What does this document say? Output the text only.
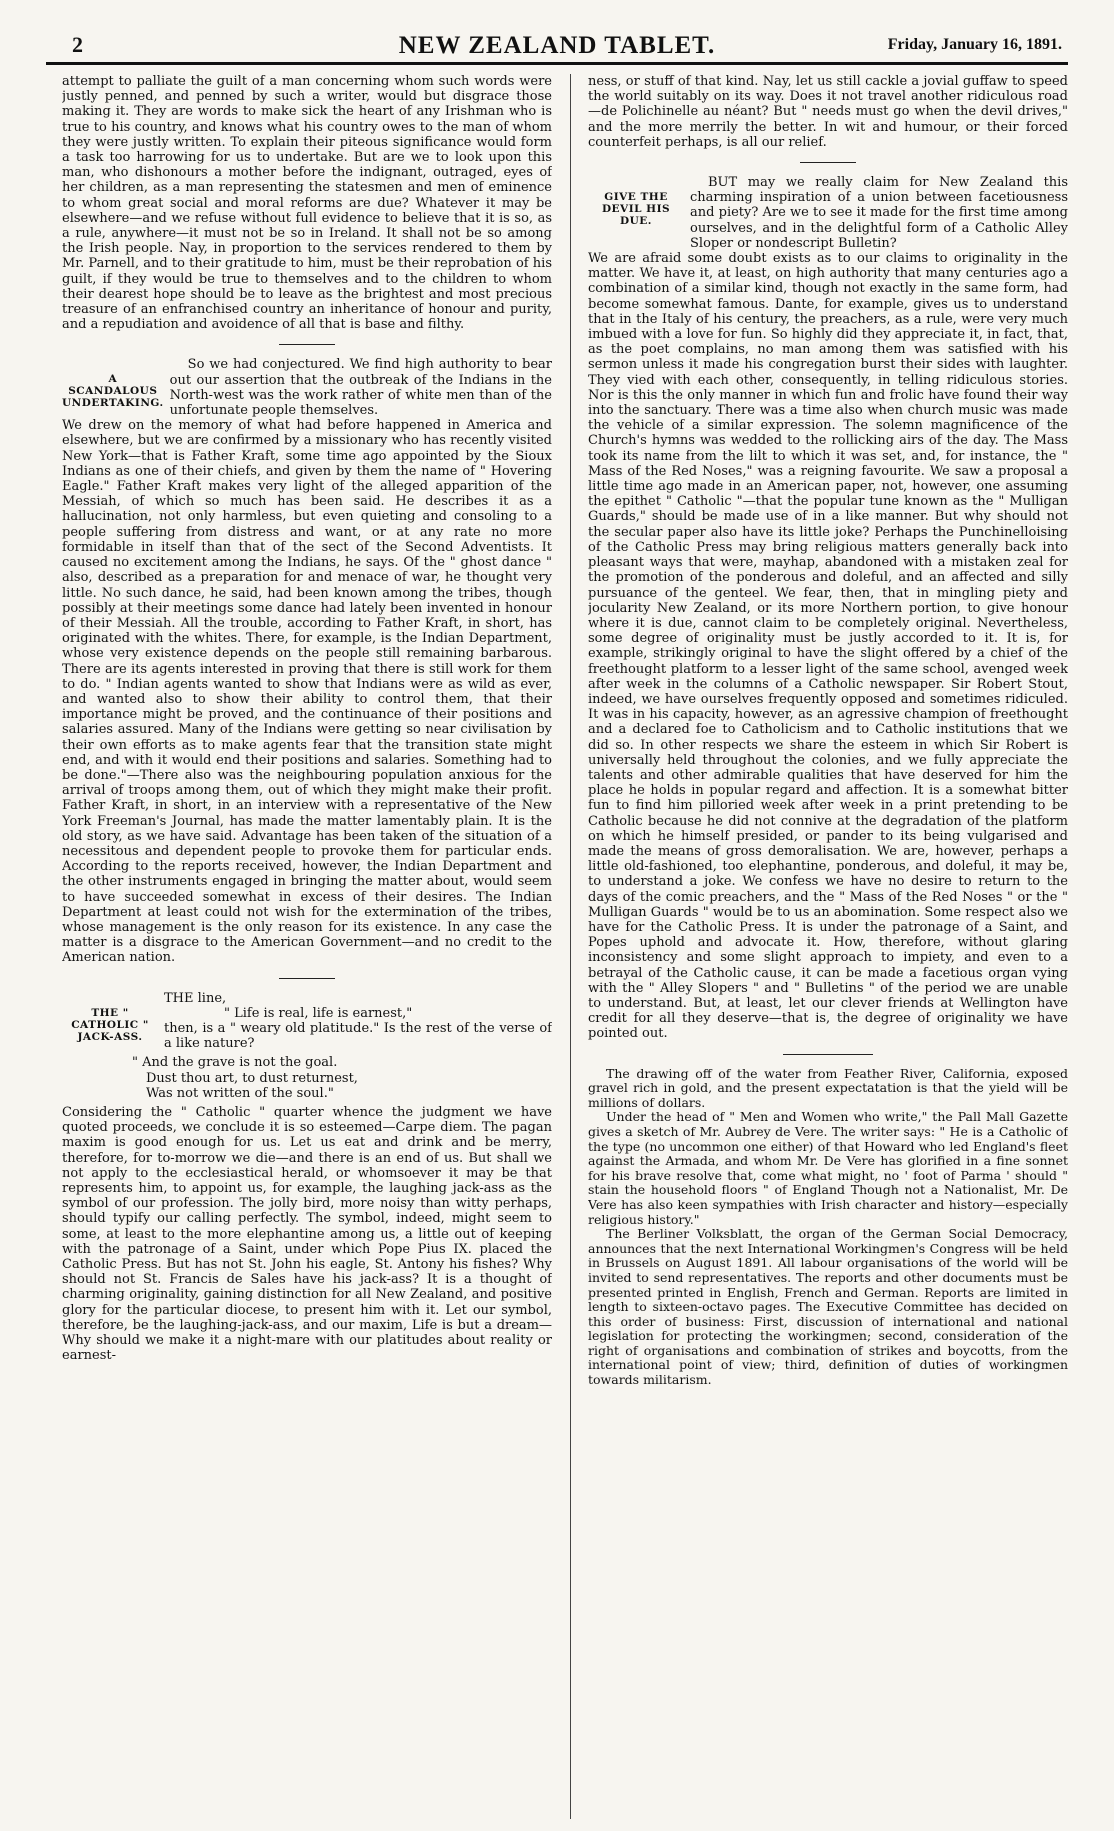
2	NEW ZEALAND TABLET.	Friday, January 16, 1891.

attempt to palliate the guilt of a man concerning whom such words were justly penned, and penned by such a writer, would but disgrace those making it. They are words to make sick the heart of any Irishman who is true to his country, and knows what his country owes to the man of whom they were justly written. To explain their piteous significance would form a task too harrowing for us to undertake. But are we to look upon this man, who dishonours a mother before the indignant, outraged, eyes of her children, as a man representing the statesmen and men of eminence to whom great social and moral reforms are due? Whatever it may be elsewhere—and we refuse without full evidence to believe that it is so, as a rule, anywhere—it must not be so in Ireland. It shall not be so among the Irish people. Nay, in proportion to the services rendered to them by Mr. Parnell, and to their gratitude to him, must be their reprobation of his guilt, if they would be true to themselves and to the children to whom their dearest hope should be to leave as the brightest and most precious treasure of an enfranchised country an inheritance of honour and purity, and a repudiation and avoidence of all that is base and filthy.

A SCANDALOUS UNDERTAKING.

So we had conjectured. We find high authority to bear out our assertion that the outbreak of the Indians in the North-west was the work rather of white men than of the unfortunate people themselves.

We drew on the memory of what had before happened in America and elsewhere, but we are confirmed by a missionary who has recently visited New York—that is Father Kraft, some time ago appointed by the Sioux Indians as one of their chiefs, and given by them the name of " Hovering Eagle." Father Kraft makes very light of the alleged apparition of the Messiah, of which so much has been said. He describes it as a hallucination, not only harmless, but even quieting and consoling to a people suffering from distress and want, or at any rate no more formidable in itself than that of the sect of the Second Adventists. It caused no excitement among the Indians, he says. Of the " ghost dance " also, described as a preparation for and menace of war, he thought very little. No such dance, he said, had been known among the tribes, though possibly at their meetings some dance had lately been invented in honour of their Messiah. All the trouble, according to Father Kraft, in short, has originated with the whites. There, for example, is the Indian Department, whose very existence depends on the people still remaining barbarous. There are its agents interested in proving that there is still work for them to do. " Indian agents wanted to show that Indians were as wild as ever, and wanted also to show their ability to control them, that their importance might be proved, and the continuance of their positions and salaries assured. Many of the Indians were getting so near civilisation by their own efforts as to make agents fear that the transition state might end, and with it would end their positions and salaries. Something had to be done."—There also was the neighbouring population anxious for the arrival of troops among them, out of which they might make their profit. Father Kraft, in short, in an interview with a representative of the New York Freeman's Journal, has made the matter lamentably plain. It is the old story, as we have said. Advantage has been taken of the situation of a necessitous and dependent people to provoke them for particular ends. According to the reports received, however, the Indian Department and the other instruments engaged in bringing the matter about, would seem to have succeeded somewhat in excess of their desires. The Indian Department at least could not wish for the extermination of the tribes, whose management is the only reason for its existence. In any case the matter is a disgrace to the American Government—and no credit to the American nation.

THE " CATHOLIC " JACK-ASS.

THE line,

" Life is real, life is earnest,"

then, is a " weary old platitude." Is the rest of the verse of a like nature?

" And the grave is not the goal.
Dust thou art, to dust returnest,
Was not written of the soul."

Considering the " Catholic " quarter whence the judgment we have quoted proceeds, we conclude it is so esteemed—Carpe diem. The pagan maxim is good enough for us. Let us eat and drink and be merry, therefore, for to-morrow we die—and there is an end of us. But shall we not apply to the ecclesiastical herald, or whomsoever it may be that represents him, to appoint us, for example, the laughing jack-ass as the symbol of our profession. The jolly bird, more noisy than witty perhaps, should typify our calling perfectly. The symbol, indeed, might seem to some, at least to the more elephantine among us, a little out of keeping with the patronage of a Saint, under which Pope Pius IX. placed the Catholic Press. But has not St. John his eagle, St. Antony his fishes? Why should not St. Francis de Sales have his jack-ass? It is a thought of charming originality, gaining distinction for all New Zealand, and positive glory for the particular diocese, to present him with it. Let our symbol, therefore, be the laughing-jack-ass, and our maxim, Life is but a dream—Why should we make it a night-mare with our platitudes about reality or earnest-

ness, or stuff of that kind. Nay, let us still cackle a jovial guffaw to speed the world suitably on its way. Does it not travel another ridiculous road—de Polichinelle au néant? But " needs must go when the devil drives," and the more merrily the better. In wit and humour, or their forced counterfeit perhaps, is all our relief.

GIVE THE DEVIL HIS DUE.

BUT may we really claim for New Zealand this charming inspiration of a union between facetiousness and piety? Are we to see it made for the first time among ourselves, and in the delightful form of a Catholic Alley Sloper or nondescript Bulletin?

We are afraid some doubt exists as to our claims to originality in the matter. We have it, at least, on high authority that many centuries ago a combination of a similar kind, though not exactly in the same form, had become somewhat famous. Dante, for example, gives us to understand that in the Italy of his century, the preachers, as a rule, were very much imbued with a love for fun. So highly did they appreciate it, in fact, that, as the poet complains, no man among them was satisfied with his sermon unless it made his congregation burst their sides with laughter. They vied with each other, consequently, in telling ridiculous stories. Nor is this the only manner in which fun and frolic have found their way into the sanctuary. There was a time also when church music was made the vehicle of a similar expression. The solemn magnificence of the Church's hymns was wedded to the rollicking airs of the day. The Mass took its name from the lilt to which it was set, and, for instance, the " Mass of the Red Noses," was a reigning favourite. We saw a proposal a little time ago made in an American paper, not, however, one assuming the epithet " Catholic "—that the popular tune known as the " Mulligan Guards," should be made use of in a like manner. But why should not the secular paper also have its little joke? Perhaps the Punchinelloising of the Catholic Press may bring religious matters generally back into pleasant ways that were, mayhap, abandoned with a mistaken zeal for the promotion of the ponderous and doleful, and an affected and silly pursuance of the genteel. We fear, then, that in mingling piety and jocularity New Zealand, or its more Northern portion, to give honour where it is due, cannot claim to be completely original. Nevertheless, some degree of originality must be justly accorded to it. It is, for example, strikingly original to have the slight offered by a chief of the freethought platform to a lesser light of the same school, avenged week after week in the columns of a Catholic newspaper. Sir Robert Stout, indeed, we have ourselves frequently opposed and sometimes ridiculed. It was in his capacity, however, as an agressive champion of freethought and a declared foe to Catholicism and to Catholic institutions that we did so. In other respects we share the esteem in which Sir Robert is universally held throughout the colonies, and we fully appreciate the talents and other admirable qualities that have deserved for him the place he holds in popular regard and affection. It is a somewhat bitter fun to find him pilloried week after week in a print pretending to be Catholic because he did not connive at the degradation of the platform on which he himself presided, or pander to its being vulgarised and made the means of gross demoralisation. We are, however, perhaps a little old-fashioned, too elephantine, ponderous, and doleful, it may be, to understand a joke. We confess we have no desire to return to the days of the comic preachers, and the " Mass of the Red Noses " or the " Mulligan Guards " would be to us an abomination. Some respect also we have for the Catholic Press. It is under the patronage of a Saint, and Popes uphold and advocate it. How, therefore, without glaring inconsistency and some slight approach to impiety, and even to a betrayal of the Catholic cause, it can be made a facetious organ vying with the " Alley Slopers " and " Bulletins " of the period we are unable to understand. But, at least, let our clever friends at Wellington have credit for all they deserve—that is, the degree of originality we have pointed out.

The drawing off of the water from Feather River, California, exposed gravel rich in gold, and the present expectatation is that the yield will be millions of dollars.

Under the head of " Men and Women who write," the Pall Mall Gazette gives a sketch of Mr. Aubrey de Vere. The writer says: " He is a Catholic of the type (no uncommon one either) of that Howard who led England's fleet against the Armada, and whom Mr. De Vere has glorified in a fine sonnet for his brave resolve that, come what might, no ' foot of Parma ' should " stain the household floors " of England Though not a Nationalist, Mr. De Vere has also keen sympathies with Irish character and history—especially religious history."

The Berliner Volksblatt, the organ of the German Social Democracy, announces that the next International Workingmen's Congress will be held in Brussels on August 1891. All labour organisations of the world will be invited to send representatives. The reports and other documents must be presented printed in English, French and German. Reports are limited in length to sixteen-octavo pages. The Executive Committee has decided on this order of business: First, discussion of international and national legislation for protecting the workingmen; second, consideration of the right of organisations and combination of strikes and boycotts, from the international point of view; third, definition of duties of workingmen towards militarism.
